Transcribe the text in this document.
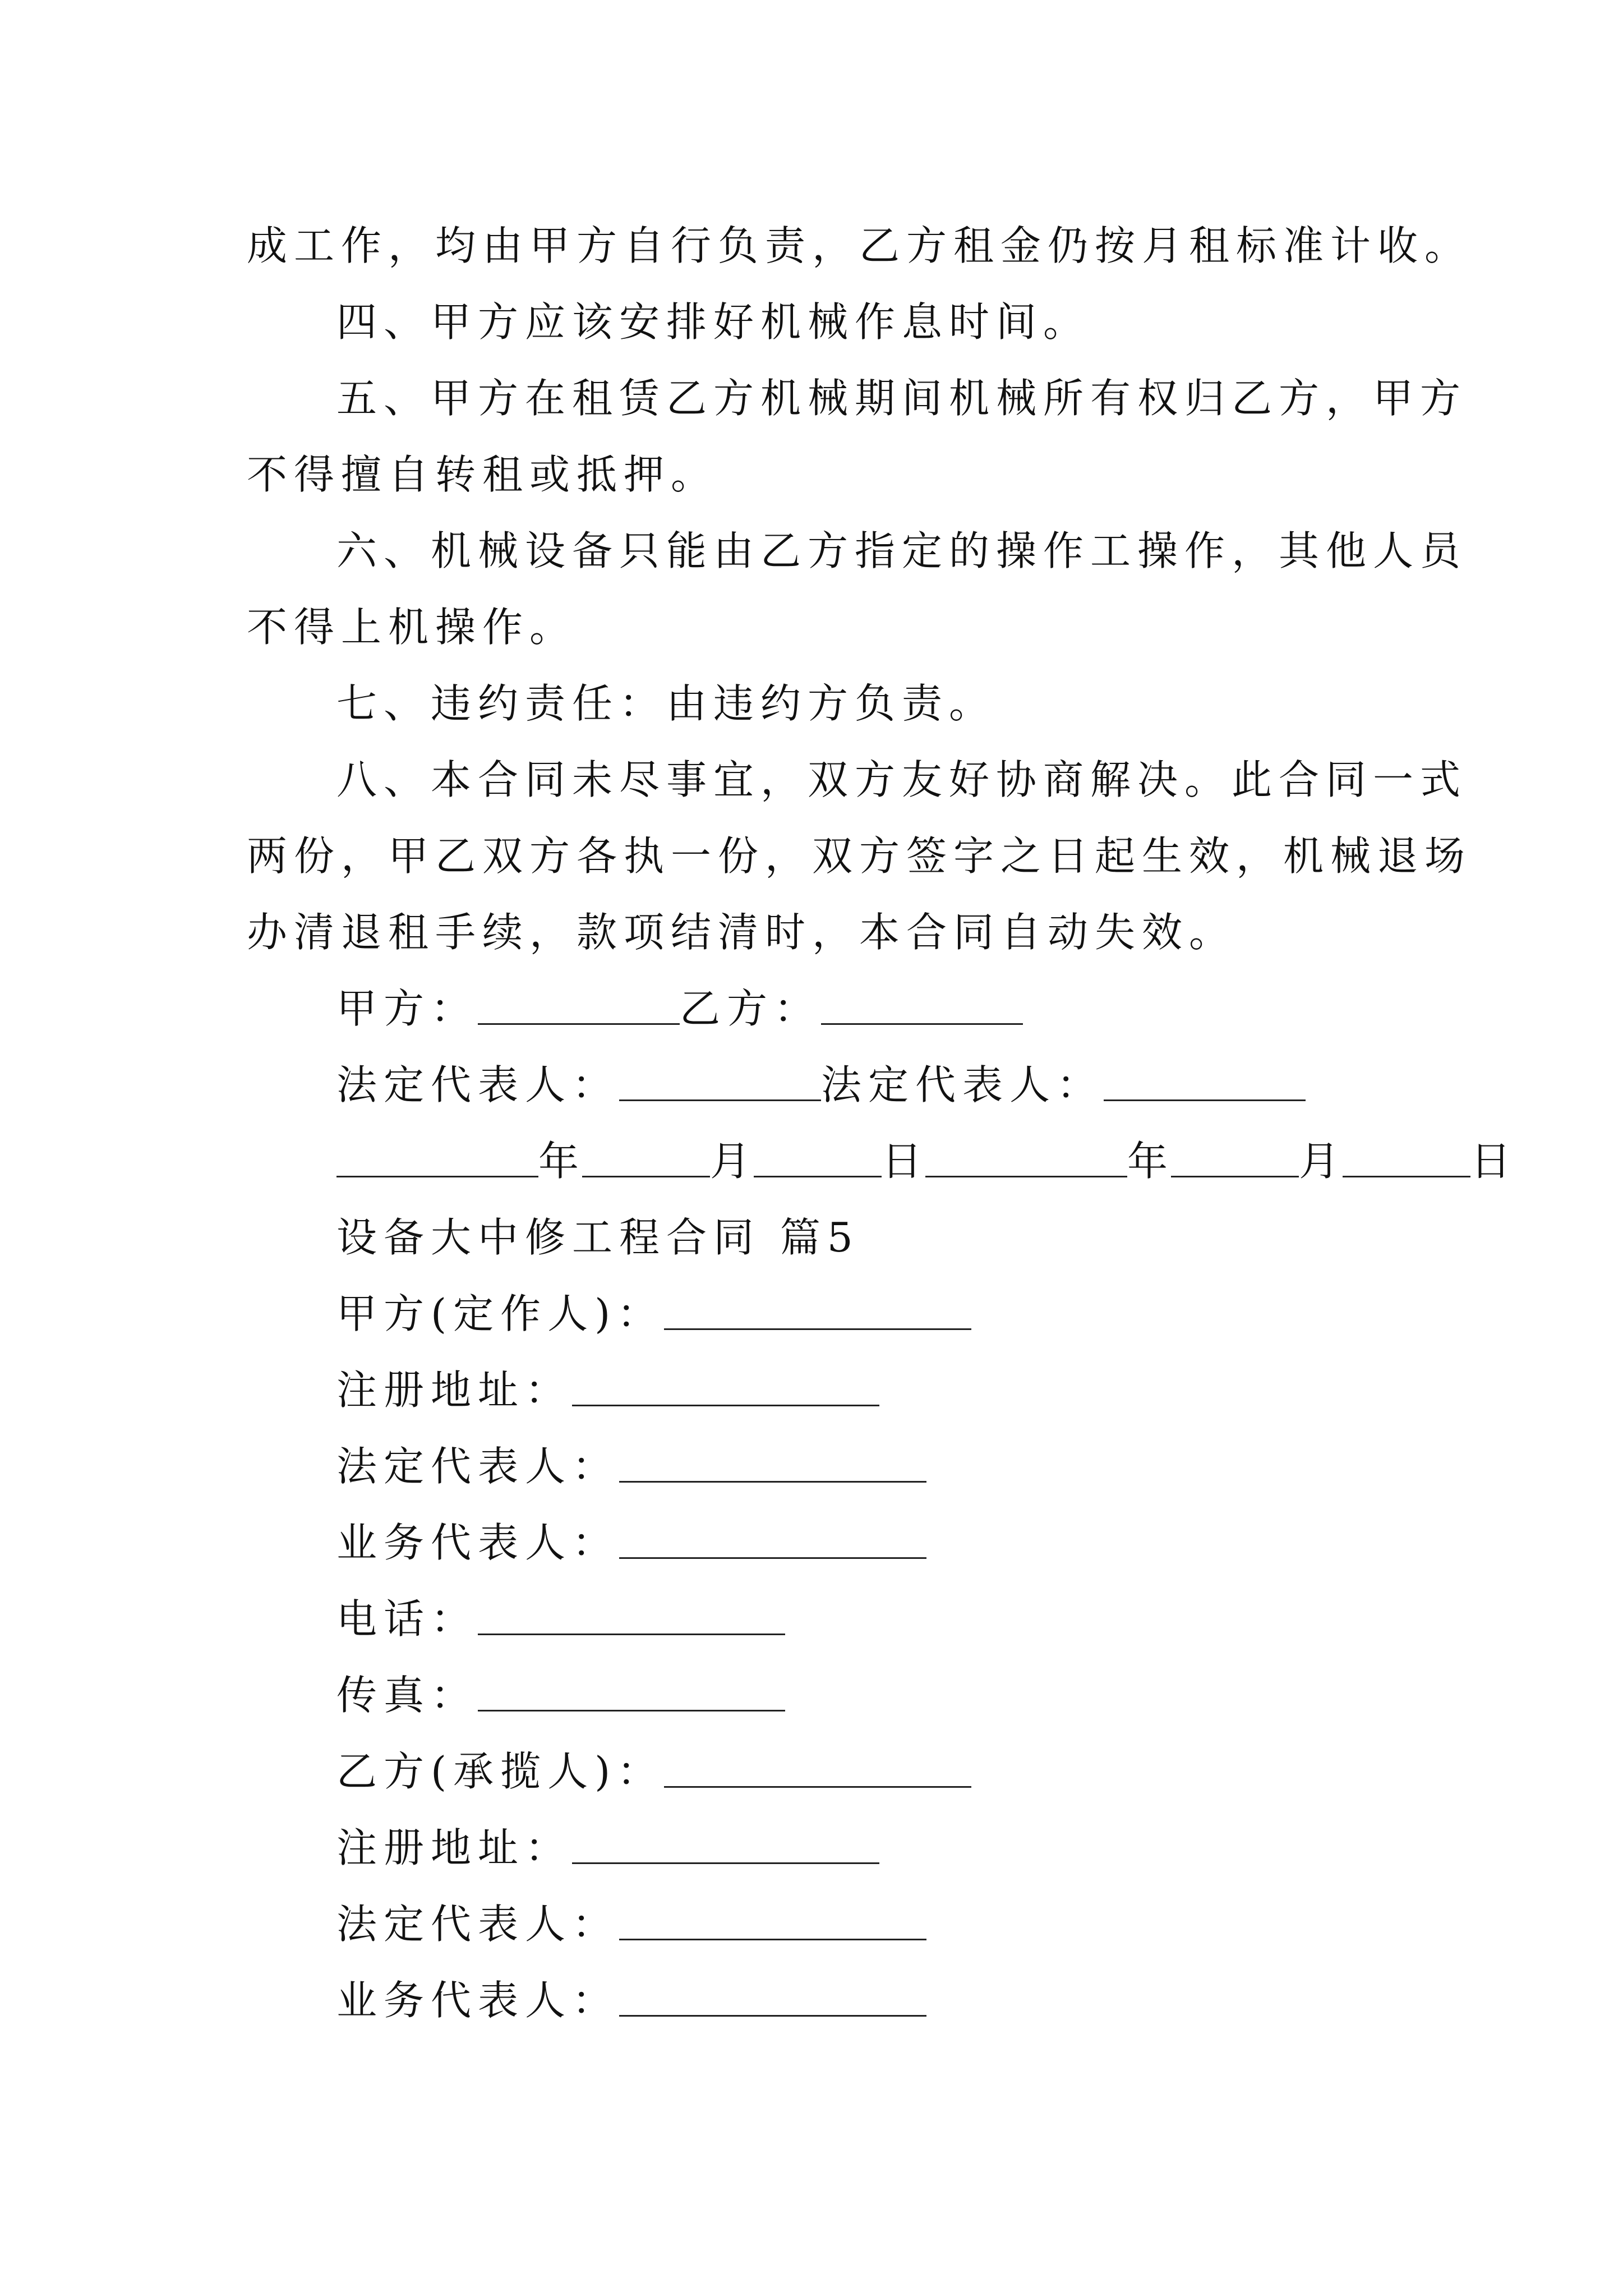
成工作，均由甲方自行负责，乙方租金仍按月租标准计收。
四、甲方应该安排好机械作息时间。
五、甲方在租赁乙方机械期间机械所有权归乙方，甲方
不得擅自转租或抵押。
六、机械设备只能由乙方指定的操作工操作，其他人员
不得上机操作。
七、违约责任：由违约方负责。
八、本合同未尽事宜，双方友好协商解决。此合同一式
两份，甲乙双方各执一份，双方签字之日起生效，机械退场
办清退租手续，款项结清时，本合同自动失效。
甲方：	乙方：
法定代表人：	法定代表人：
年	月	日	年	月	日
设备大中修工程合同 篇5
甲方(定作人)：
注册地址：
法定代表人：
业务代表人：
电话：
传真：
乙方(承揽人)：
注册地址：
法定代表人：
业务代表人：
